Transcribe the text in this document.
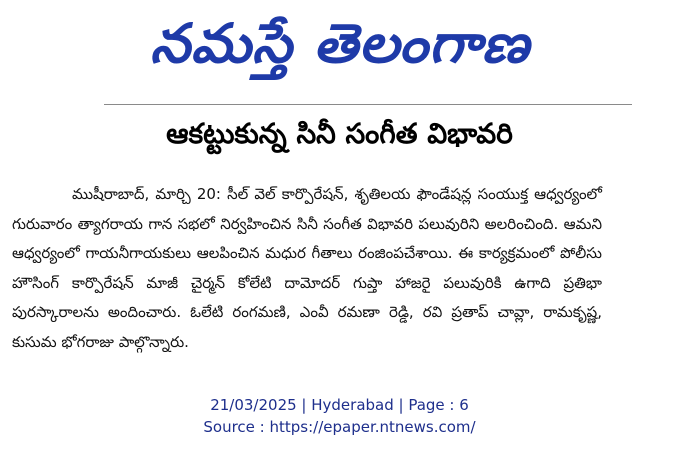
నమస్తే తెలంగాణ
ఆకట్టుకున్న సినీ సంగీత విభావరి

ముషీరాబాద్, మార్చి 20: సీల్ వెల్ కార్పొరేషన్, శృతిలయ ఫౌండేషన్ల సంయుక్త ఆధ్వర్యంలో గురువారం త్యాగరాయ గాన సభలో నిర్వహించిన సినీ సంగీత విభావరి పలువురిని అలరించింది. ఆమని ఆధ్వర్యంలో గాయనీగాయకులు ఆలపించిన మధుర గీతాలు రంజింపచేశాయి. ఈ కార్యక్రమంలో పోలీసు హౌసింగ్ కార్పొరేషన్ మాజీ చైర్మన్ కోలేటి దామోదర్ గుప్తా హాజరై పలువురికి ఉగాది ప్రతిభా పురస్కారాలను అందించారు. ఓలేటి రంగమణి, ఎంవీ రమణా రెడ్డి, రవి ప్రతాప్ చావ్లా, రామకృష్ణ, కుసుమ భోగరాజు పాల్గొన్నారు.

21/03/2025 | Hyderabad | Page : 6
Source : https://epaper.ntnews.com/
